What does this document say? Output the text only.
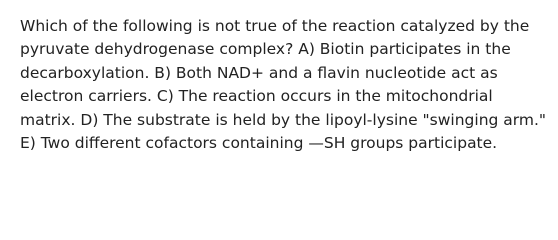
Which of the following is not true of the reaction catalyzed by the pyruvate dehydrogenase complex? A) Biotin participates in the decarboxylation. B) Both NAD+ and a flavin nucleotide act as electron carriers. C) The reaction occurs in the mitochondrial matrix. D) The substrate is held by the lipoyl-lysine "swinging arm." E) Two different cofactors containing —SH groups participate.
